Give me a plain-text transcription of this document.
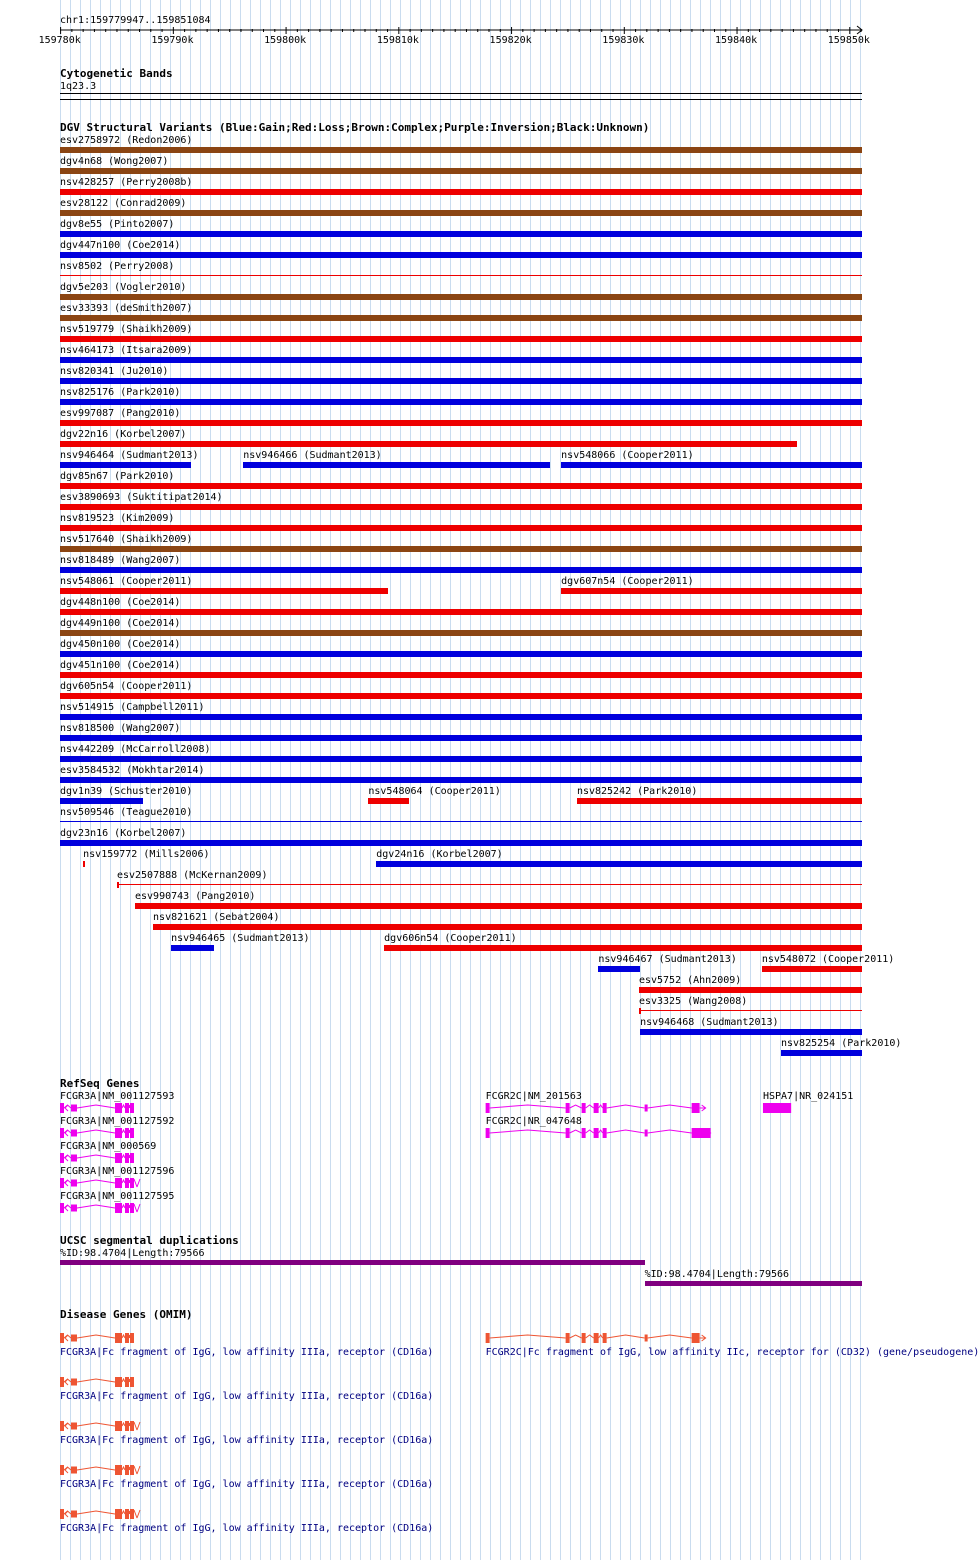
chr1:159779947..159851084
159780k	159790k	159800k	159810k	159820k	159830k	159840k	159850k
Cytogenetic Bands
1q23.3
DGV Structural Variants (Blue:Gain;Red:Loss;Brown:Complex;Purple:Inversion;Black:Unknown)
esv2758972 (Redon2006)
dgv4n68 (Wong2007)
nsv428257 (Perry2008b)
esv28122 (Conrad2009)
dgv8e55 (Pinto2007)
dgv447n100 (Coe2014)
nsv8502 (Perry2008)
dgv5e203 (Vogler2010)
esv33393 (deSmith2007)
nsv519779 (Shaikh2009)
nsv464173 (Itsara2009)
nsv820341 (Ju2010)
nsv825176 (Park2010)
esv997087 (Pang2010)
dgv22n16 (Korbel2007)
nsv946464 (Sudmant2013)	nsv946466 (Sudmant2013)	nsv548066 (Cooper2011)
dgv85n67 (Park2010)
esv3890693 (Suktitipat2014)
nsv819523 (Kim2009)
nsv517640 (Shaikh2009)
nsv818489 (Wang2007)
nsv548061 (Cooper2011)	dgv607n54 (Cooper2011)
dgv448n100 (Coe2014)
dgv449n100 (Coe2014)
dgv450n100 (Coe2014)
dgv451n100 (Coe2014)
dgv605n54 (Cooper2011)
nsv514915 (Campbell2011)
nsv818500 (Wang2007)
nsv442209 (McCarroll2008)
esv3584532 (Mokhtar2014)
dgv1n39 (Schuster2010)	nsv548064 (Cooper2011)	nsv825242 (Park2010)
nsv509546 (Teague2010)
dgv23n16 (Korbel2007)
nsv159772 (Mills2006)	dgv24n16 (Korbel2007)
esv2507888 (McKernan2009)
esv990743 (Pang2010)
nsv821621 (Sebat2004)
nsv946465 (Sudmant2013)	dgv606n54 (Cooper2011)
nsv946467 (Sudmant2013) nsv548072 (Cooper2011)
esv5752 (Ahn2009)
esv3325 (Wang2008)
nsv946468 (Sudmant2013)
nsv825254 (Park2010)
RefSeq Genes
FCGR3A|NM_001127593	FCGR2C|NM_201563	HSPA7|NR_024151
FCGR3A|NM_001127592	FCGR2C|NR_047648
FCGR3A|NM_000569
FCGR3A|NM_001127596
FCGR3A|NM_001127595
UCSC segmental duplications
%ID:98.4704|Length:79566
%ID:98.4704|Length:79566
Disease Genes (OMIM)
FCGR3A|Fc fragment of IgG, low affinity IIIa, receptor (CD16a)	FCGR2C|Fc fragment of IgG, low affinity IIc, receptor for (CD32) (gene/pseudogene)
FCGR3A|Fc fragment of IgG, low affinity IIIa, receptor (CD16a)
FCGR3A|Fc fragment of IgG, low affinity IIIa, receptor (CD16a)
FCGR3A|Fc fragment of IgG, low affinity IIIa, receptor (CD16a)
FCGR3A|Fc fragment of IgG, low affinity IIIa, receptor (CD16a)
